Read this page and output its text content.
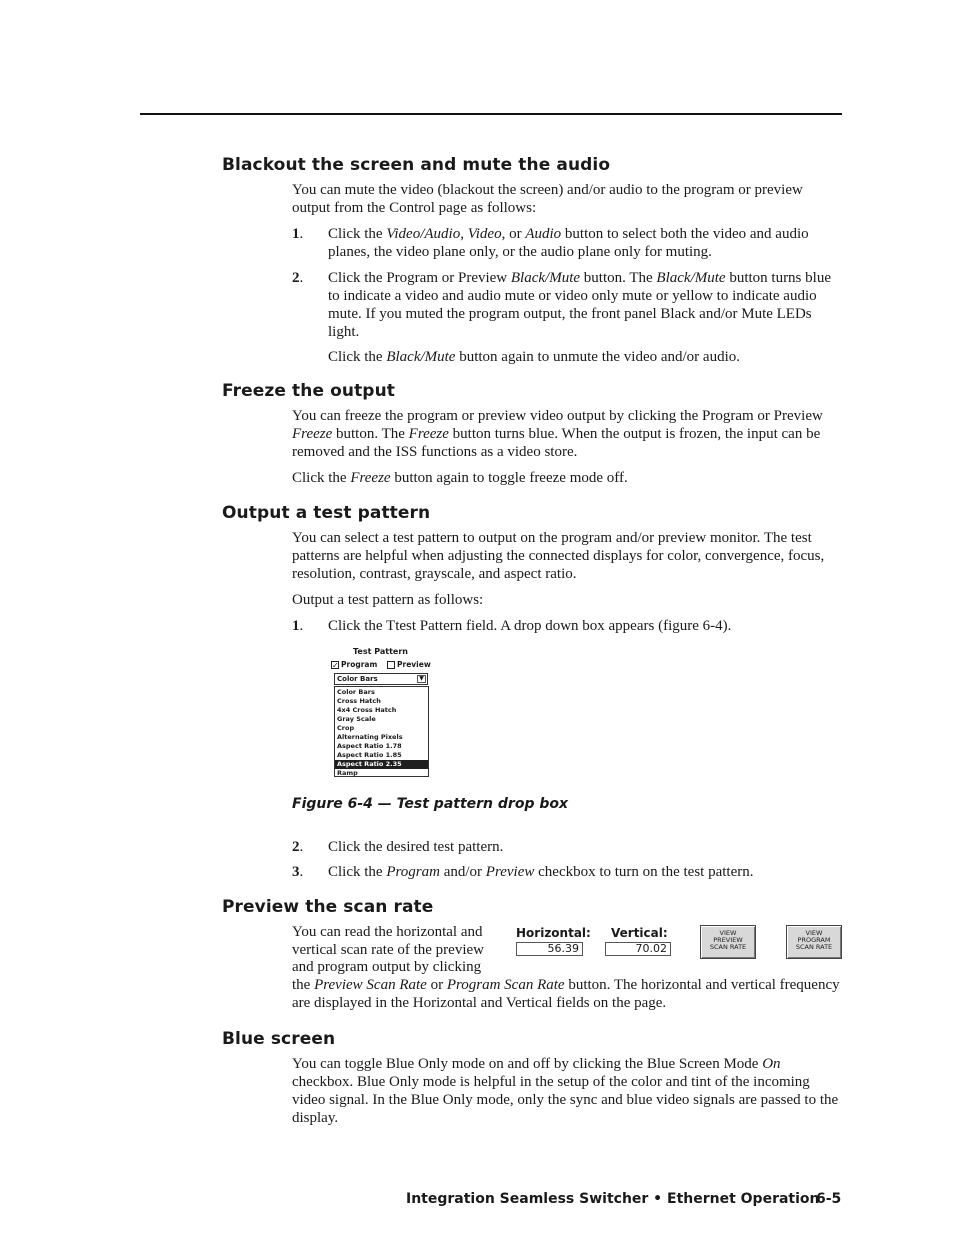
Blackout the screen and mute the audio

You can mute the video (blackout the screen) and/or audio to the program or preview output from the Control page as follows:

1. Click the Video/Audio, Video, or Audio button to select both the video and audio planes, the video plane only, or the audio plane only for muting.
2. Click the Program or Preview Black/Mute button. The Black/Mute button turns blue to indicate a video and audio mute or video only mute or yellow to indicate audio mute. If you muted the program output, the front panel Black and/or Mute LEDs light.

Click the Black/Mute button again to unmute the video and/or audio.

Freeze the output

You can freeze the program or preview video output by clicking the Program or Preview Freeze button. The Freeze button turns blue. When the output is frozen, the input can be removed and the ISS functions as a video store.

Click the Freeze button again to toggle freeze mode off.

Output a test pattern

You can select a test pattern to output on the program and/or preview monitor. The test patterns are helpful when adjusting the connected displays for color, convergence, focus, resolution, contrast, grayscale, and aspect ratio.

Output a test pattern as follows:

1. Click the Ttest Pattern field. A drop down box appears (figure 6-4).
Test Pattern
✓ Program	Preview
Color Bars	▼
Color Bars
Cross Hatch
4x4 Cross Hatch
Gray Scale
Crop
Alternating Pixels
Aspect Ratio 1.78
Aspect Ratio 1.85
Aspect Ratio 2.35
Ramp
Figure 6-4 — Test pattern drop box
2. Click the desired test pattern.
3. Click the Program and/or Preview checkbox to turn on the test pattern.
Preview the scan rate

You can read the horizontal and

vertical scan rate of the preview

and program output by clicking

the Preview Scan Rate or Program Scan Rate button. The horizontal and vertical frequency are displayed in the Horizontal and Vertical fields on the page.

Horizontal:
56.39
Vertical:
70.02
VIEW
PREVIEW
SCAN RATE
VIEW
PROGRAM
SCAN RATE
Blue screen

You can toggle Blue Only mode on and off by clicking the Blue Screen Mode On checkbox. Blue Only mode is helpful in the setup of the color and tint of the incoming video signal. In the Blue Only mode, only the sync and blue video signals are passed to the display.

Integration Seamless Switcher • Ethernet Operation
6-5
